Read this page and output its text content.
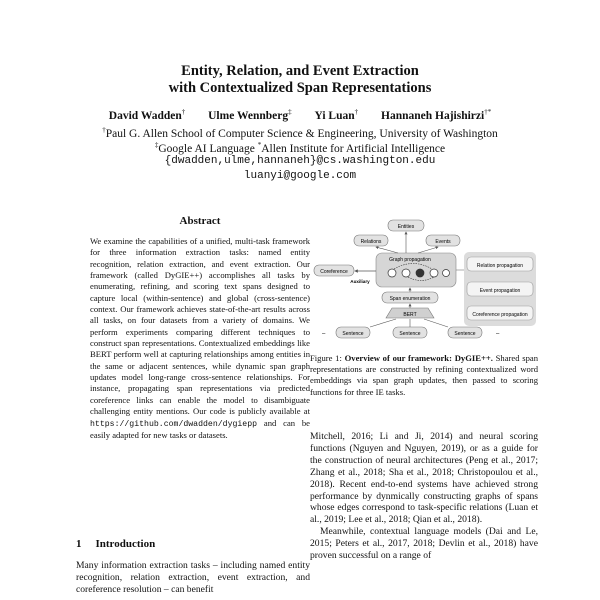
Entity, Relation, and Event Extraction
with Contextualized Span Representations
David Wadden† Ulme Wennberg‡ Yi Luan† Hannaneh Hajishirzi†*
†Paul G. Allen School of Computer Science & Engineering, University of Washington
‡Google AI Language *Allen Institute for Artificial Intelligence
{dwadden,ulme,hannaneh}@cs.washington.edu
luanyi@google.com
Abstract
We examine the capabilities of a unified, multi-task framework for three information extraction tasks: named entity recognition, relation extraction, and event extraction. Our framework (called DyGIE++) accomplishes all tasks by enumerating, refining, and scoring text spans designed to capture local (within-sentence) and global (cross-sentence) context. Our framework achieves state-of-the-art results across all tasks, on four datasets from a variety of domains. We perform experiments comparing different techniques to construct span representations. Contextualized embeddings like BERT perform well at capturing relationships among entities in the same or adjacent sentences, while dynamic span graph updates model long-range cross-sentence relationships. For instance, propagating span representations via predicted coreference links can enable the model to disambiguate challenging entity mentions. Our code is publicly available at https://github.com/dwadden/dygiepp and can be easily adapted for new tasks or datasets.
1 Introduction
Many information extraction tasks – including named entity recognition, relation extraction, event extraction, and coreference resolution – can benefit
Relation propagation
Event propagation
Coreference propagation
Entities
Relations	Events
Graph propagation
Coreference
Auxiliary
Span enumeration
BERT
–	Sentence	Sentence	Sentence	–
Figure 1: Overview of our framework: DyGIE++. Shared span representations are constructed by refining contextualized word embeddings via span graph updates, then passed to scoring functions for three IE tasks.

Mitchell, 2016; Li and Ji, 2014) and neural scoring functions (Nguyen and Nguyen, 2019), or as a guide for the construction of neural architectures (Peng et al., 2017; Zhang et al., 2018; Sha et al., 2018; Christopoulou et al., 2018). Recent end-to-end systems have achieved strong performance by dynmically constructing graphs of spans whose edges correspond to task-specific relations (Luan et al., 2019; Lee et al., 2018; Qian et al., 2018).

Meanwhile, contextual language models (Dai and Le, 2015; Peters et al., 2017, 2018; Devlin et al., 2018) have proven successful on a range of
